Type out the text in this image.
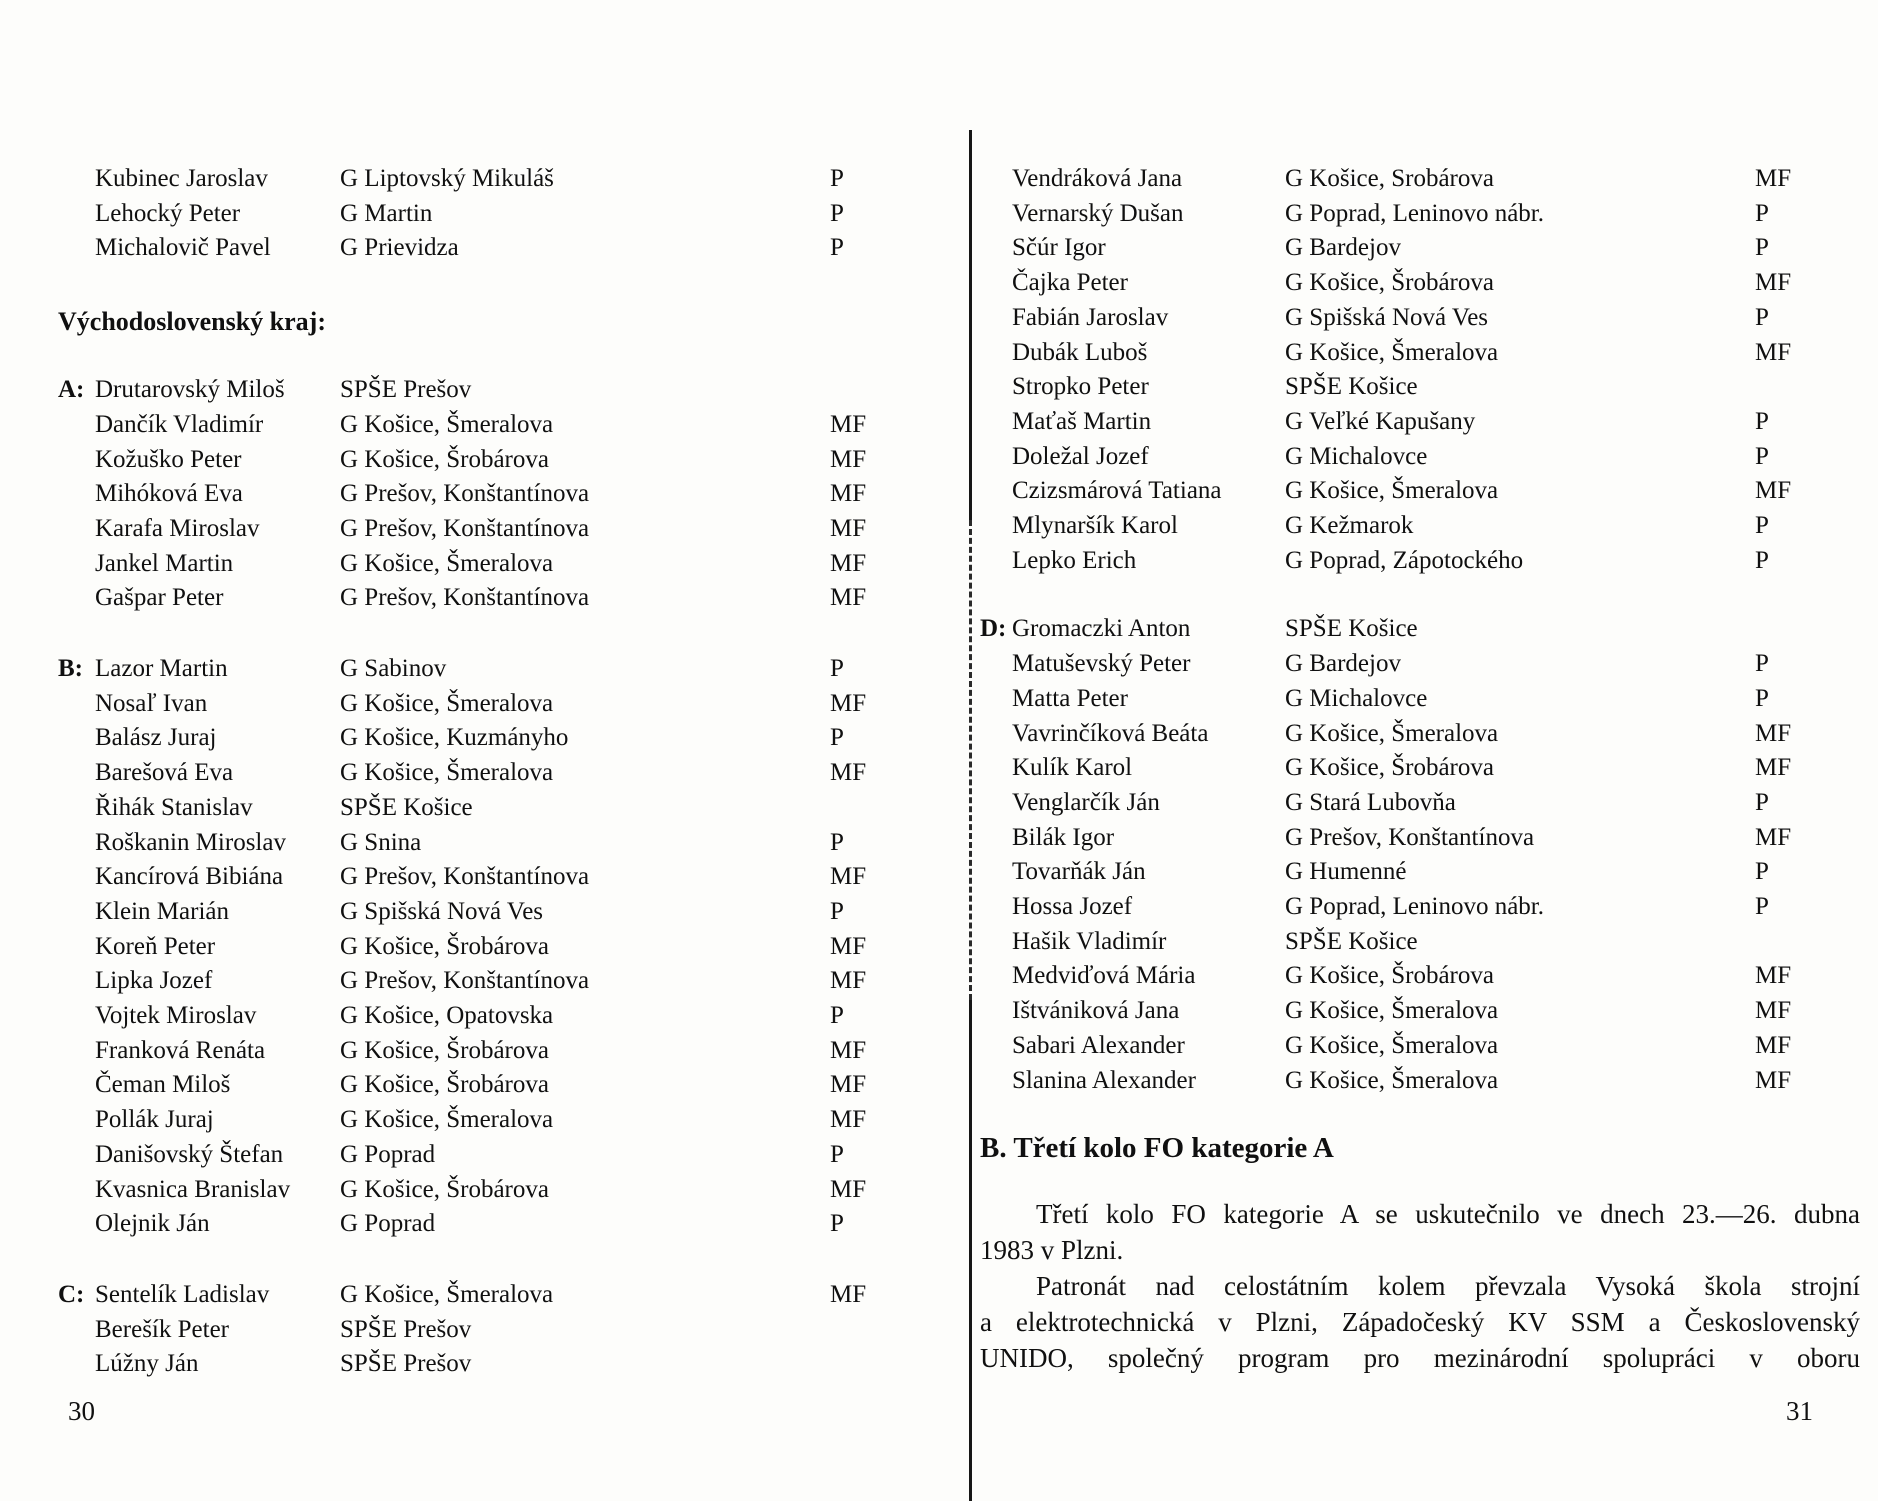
Kubinec Jaroslav	G Liptovský Mikuláš	P
Lehocký Peter	G Martin	P
Michalovič Pavel	G Prievidza	P
Východoslovenský kraj:
A: Drutarovský Miloš	SPŠE Prešov
Dančík Vladimír	G Košice, Šmeralova	MF
Kožuško Peter	G Košice, Šrobárova	MF
Mihóková Eva	G Prešov, Konštantínova	MF
Karafa Miroslav	G Prešov, Konštantínova	MF
Jankel Martin	G Košice, Šmeralova	MF
Gašpar Peter	G Prešov, Konštantínova	MF
B: Lazor Martin	G Sabinov	P
Nosaľ Ivan	G Košice, Šmeralova	MF
Balász Juraj	G Košice, Kuzmányho	P
Barešová Eva	G Košice, Šmeralova	MF
Řihák Stanislav	SPŠE Košice
Roškanin Miroslav	G Snina	P
Kancírová Bibiána	G Prešov, Konštantínova	MF
Klein Marián	G Spišská Nová Ves	P
Koreň Peter	G Košice, Šrobárova	MF
Lipka Jozef	G Prešov, Konštantínova	MF
Vojtek Miroslav	G Košice, Opatovska	P
Franková Renáta	G Košice, Šrobárova	MF
Čeman Miloš	G Košice, Šrobárova	MF
Pollák Juraj	G Košice, Šmeralova	MF
Danišovský Štefan	G Poprad	P
Kvasnica Branislav	G Košice, Šrobárova	MF
Olejnik Ján	G Poprad	P
C: Sentelík Ladislav	G Košice, Šmeralova	MF
Berešík Peter	SPŠE Prešov
Lúžny Ján	SPŠE Prešov
Vendráková Jana	G Košice, Srobárova	MF
Vernarský Dušan	G Poprad, Leninovo nábr.	P
Sčúr Igor	G Bardejov	P
Čajka Peter	G Košice, Šrobárova	MF
Fabián Jaroslav	G Spišská Nová Ves	P
Dubák Luboš	G Košice, Šmeralova	MF
Stropko Peter	SPŠE Košice
Maťaš Martin	G Veľké Kapušany	P
Doležal Jozef	G Michalovce	P
Czizsmárová Tatiana	G Košice, Šmeralova	MF
Mlynaršík Karol	G Kežmarok	P
Lepko Erich	G Poprad, Zápotockého	P
D: Gromaczki Anton	SPŠE Košice
Matuševský Peter	G Bardejov	P
Matta Peter	G Michalovce	P
Vavrinčíková Beáta	G Košice, Šmeralova	MF
Kulík Karol	G Košice, Šrobárova	MF
Venglarčík Ján	G Stará Lubovňa	P
Bilák Igor	G Prešov, Konštantínova	MF
Tovarňák Ján	G Humenné	P
Hossa Jozef	G Poprad, Leninovo nábr.	P
Hašik Vladimír	SPŠE Košice
Medviďová Mária	G Košice, Šrobárova	MF
Ištvániková Jana	G Košice, Šmeralova	MF
Sabari Alexander	G Košice, Šmeralova	MF
Slanina Alexander	G Košice, Šmeralova	MF
B. Třetí kolo FO kategorie A
Třetí kolo FO kategorie A se uskutečnilo ve dnech 23.—26. dubna
1983 v Plzni.
Patronát nad celostátním kolem převzala Vysoká škola strojní
a elektrotechnická v Plzni, Západočeský KV SSM a Československý
UNIDO, společný program pro mezinárodní spolupráci v oboru
30	31
